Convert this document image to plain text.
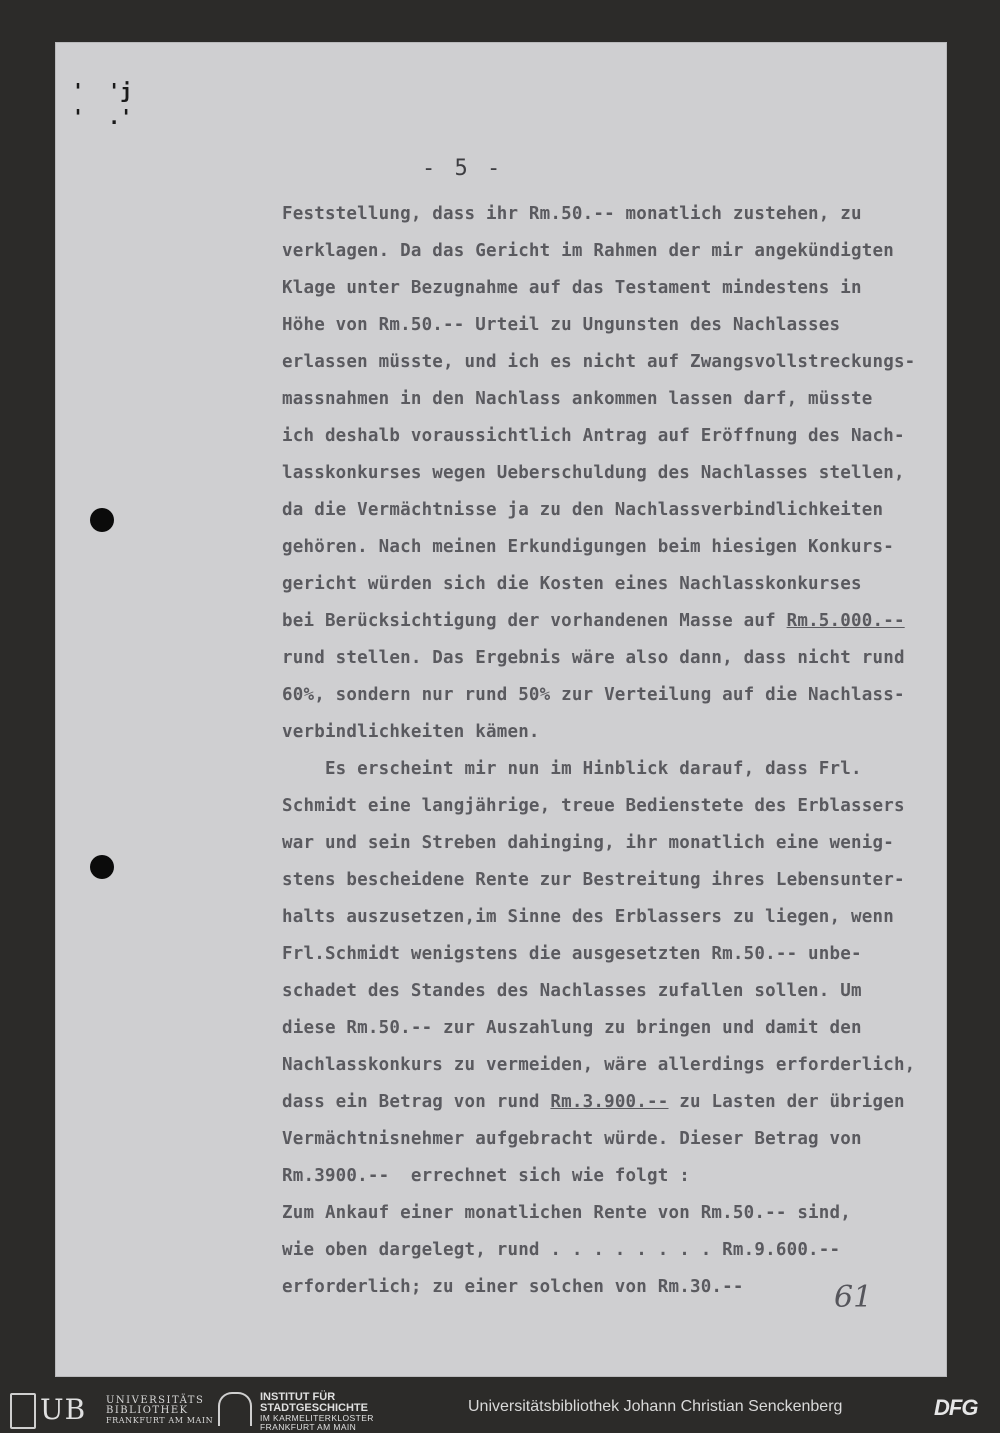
'
'
- 5 -
Feststellung, dass ihr Rm.50.-- monatlich zustehen, zu
verklagen. Da das Gericht im Rahmen der mir angekündigten
Klage unter Bezugnahme auf das Testament mindestens in
Höhe von Rm.50.-- Urteil zu Ungunsten des Nachlasses
erlassen müsste, und ich es nicht auf Zwangsvollstreckungs-
massnahmen in den Nachlass ankommen lassen darf, müsste
ich deshalb voraussichtlich Antrag auf Eröffnung des Nach-
lasskonkurses wegen Ueberschuldung des Nachlasses stellen,
da die Vermächtnisse ja zu den Nachlassverbindlichkeiten
gehören. Nach meinen Erkundigungen beim hiesigen Konkurs-
gericht würden sich die Kosten eines Nachlasskonkurses
bei Berücksichtigung der vorhandenen Masse auf Rm.5.000.--
rund stellen. Das Ergebnis wäre also dann, dass nicht rund
60%, sondern nur rund 50% zur Verteilung auf die Nachlass-
verbindlichkeiten kämen.
Es erscheint mir nun im Hinblick darauf, dass Frl.
Schmidt eine langjährige, treue Bedienstete des Erblassers
war und sein Streben dahinging, ihr monatlich eine wenig-
stens bescheidene Rente zur Bestreitung ihres Lebensunter-
halts auszusetzen,im Sinne des Erblassers zu liegen, wenn
Frl.Schmidt wenigstens die ausgesetzten Rm.50.-- unbe-
schadet des Standes des Nachlasses zufallen sollen. Um
diese Rm.50.-- zur Auszahlung zu bringen und damit den
Nachlasskonkurs zu vermeiden, wäre allerdings erforderlich,
dass ein Betrag von rund Rm.3.900.-- zu Lasten der übrigen
Vermächtnisnehmer aufgebracht würde. Dieser Betrag von
Rm.3900.--  errechnet sich wie folgt :
Zum Ankauf einer monatlichen Rente von Rm.50.-- sind,
wie oben dargelegt, rund . . . . . . . . Rm.9.600.--
erforderlich; zu einer solchen von Rm.30.--	61
UB UNIVERSITÄTS
BIBLIOTHEK
FRANKFURT AM MAIN
INSTITUT FÜR
STADTGESCHICHTE
IM KARMELITERKLOSTER
FRANKFURT AM MAIN
Universitätsbibliothek Johann Christian Senckenberg	DFG
